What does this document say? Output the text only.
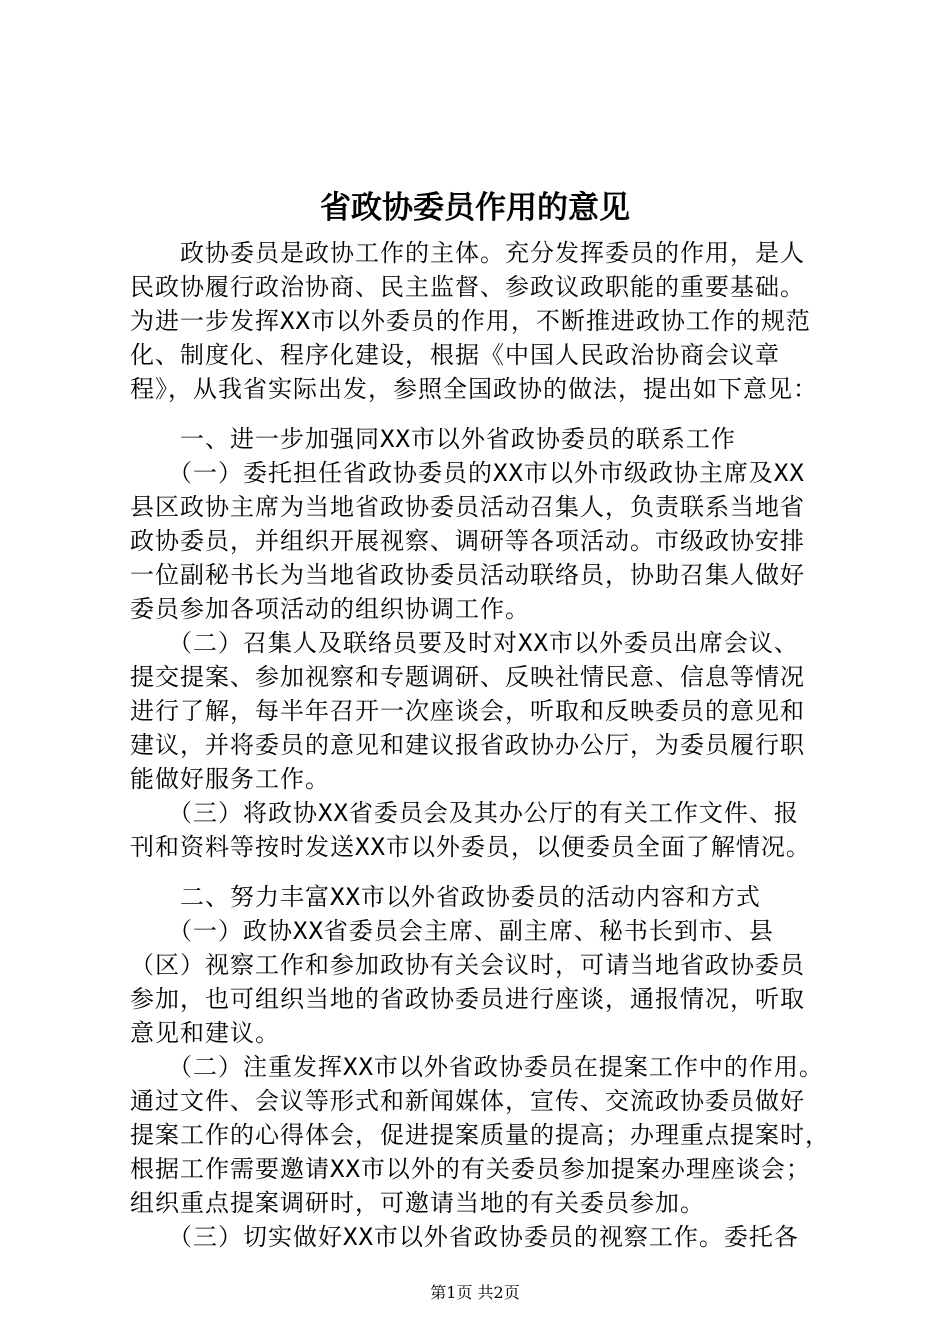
省政协委员作用的意见
　　政协委员是政协工作的主体。充分发挥委员的作用，是人
民政协履行政治协商、民主监督、参政议政职能的重要基础。
为进一步发挥XX市以外委员的作用，不断推进政协工作的规范
化、制度化、程序化建设，根据《中国人民政治协商会议章
程》，从我省实际出发，参照全国政协的做法，提出如下意见：
　　一、进一步加强同XX市以外省政协委员的联系工作
　　（一）委托担任省政协委员的XX市以外市级政协主席及XX
县区政协主席为当地省政协委员活动召集人，负责联系当地省
政协委员，并组织开展视察、调研等各项活动。市级政协安排
一位副秘书长为当地省政协委员活动联络员，协助召集人做好
委员参加各项活动的组织协调工作。
　　（二）召集人及联络员要及时对XX市以外委员出席会议、
提交提案、参加视察和专题调研、反映社情民意、信息等情况
进行了解，每半年召开一次座谈会，听取和反映委员的意见和
建议，并将委员的意见和建议报省政协办公厅，为委员履行职
能做好服务工作。
　　（三）将政协XX省委员会及其办公厅的有关工作文件、报
刊和资料等按时发送XX市以外委员，以便委员全面了解情况。
　　二、努力丰富XX市以外省政协委员的活动内容和方式
　　（一）政协XX省委员会主席、副主席、秘书长到市、县
（区）视察工作和参加政协有关会议时，可请当地省政协委员
参加，也可组织当地的省政协委员进行座谈，通报情况，听取
意见和建议。
　　（二）注重发挥XX市以外省政协委员在提案工作中的作用。
通过文件、会议等形式和新闻媒体，宣传、交流政协委员做好
提案工作的心得体会，促进提案质量的提高；办理重点提案时，
根据工作需要邀请XX市以外的有关委员参加提案办理座谈会；
组织重点提案调研时，可邀请当地的有关委员参加。
　　（三）切实做好XX市以外省政协委员的视察工作。委托各
第1页 共2页
